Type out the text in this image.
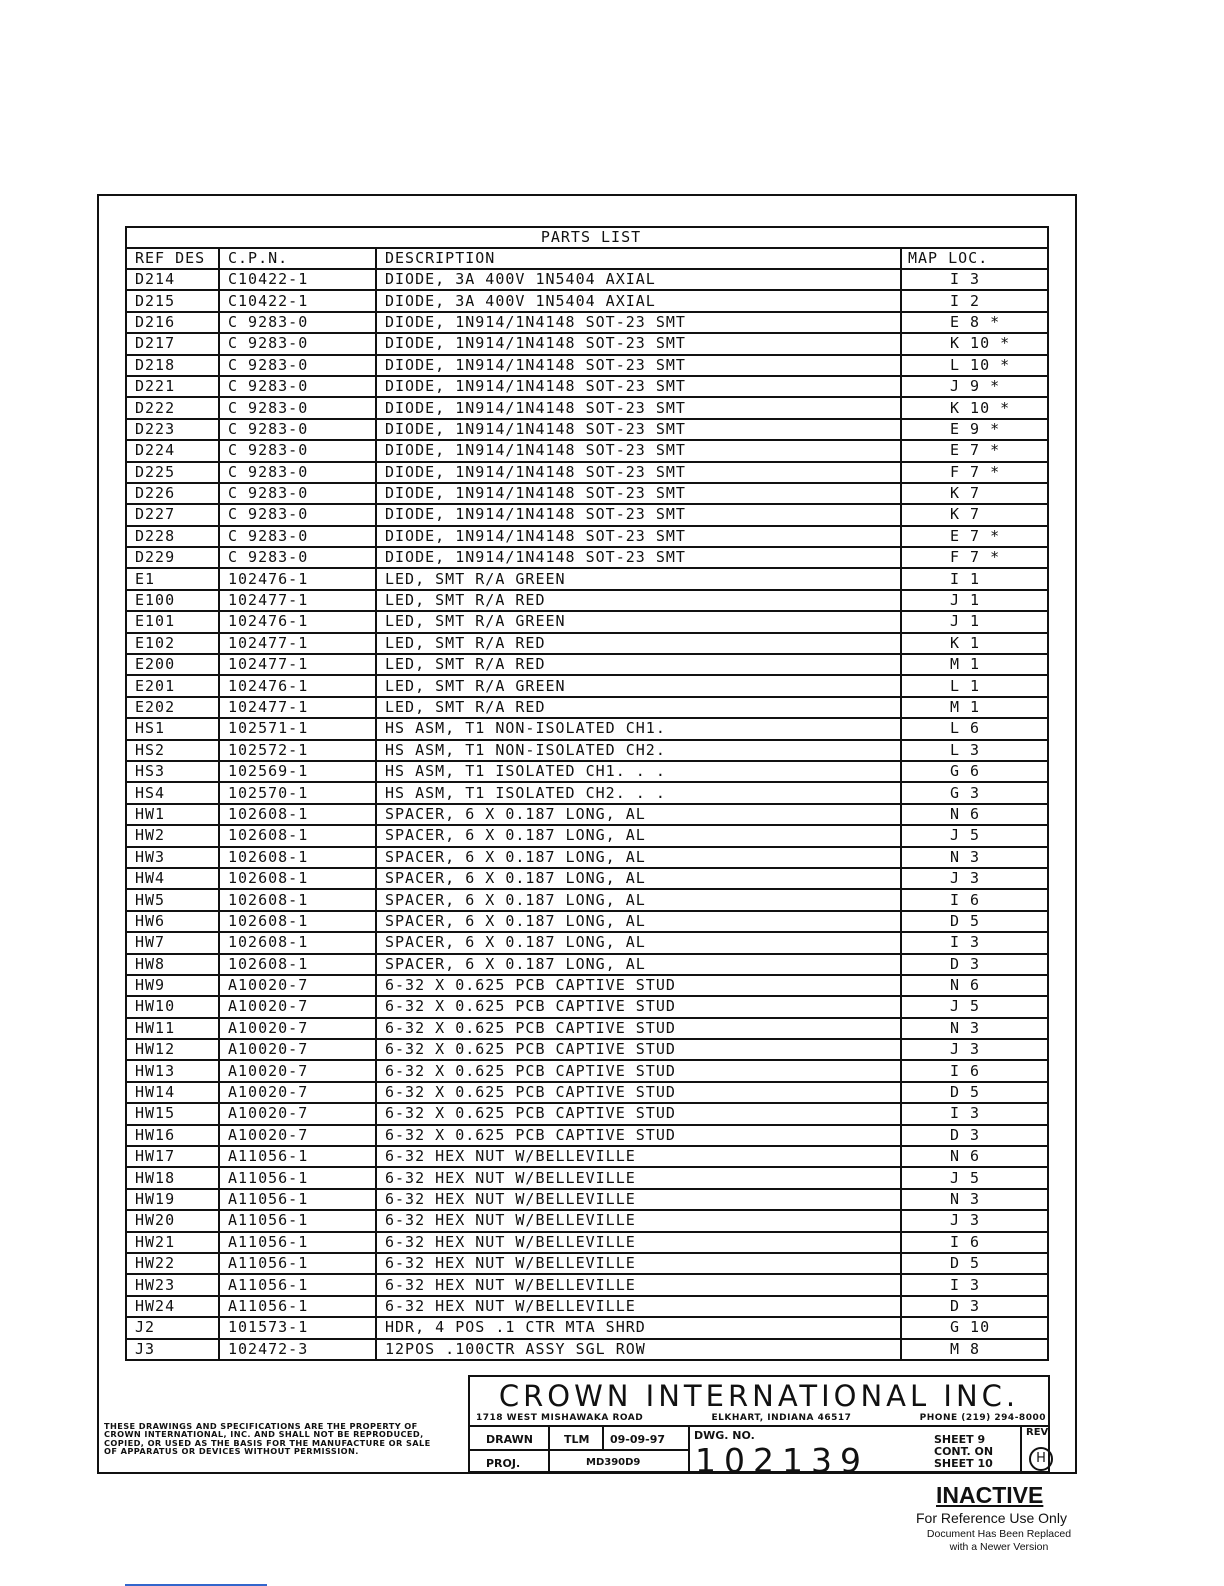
PARTS LIST			
REF DES	C.P.N.	DESCRIPTION	MAP LOC.
D214	C10422-1	DIODE, 3A 400V 1N5404 AXIAL	I 3
D215	C10422-1	DIODE, 3A 400V 1N5404 AXIAL	I 2
D216	C 9283-0	DIODE, 1N914/1N4148 SOT-23 SMT	E 8 *
D217	C 9283-0	DIODE, 1N914/1N4148 SOT-23 SMT	K 10 *
D218	C 9283-0	DIODE, 1N914/1N4148 SOT-23 SMT	L 10 *
D221	C 9283-0	DIODE, 1N914/1N4148 SOT-23 SMT	J 9 *
D222	C 9283-0	DIODE, 1N914/1N4148 SOT-23 SMT	K 10 *
D223	C 9283-0	DIODE, 1N914/1N4148 SOT-23 SMT	E 9 *
D224	C 9283-0	DIODE, 1N914/1N4148 SOT-23 SMT	E 7 *
D225	C 9283-0	DIODE, 1N914/1N4148 SOT-23 SMT	F 7 *
D226	C 9283-0	DIODE, 1N914/1N4148 SOT-23 SMT	K 7
D227	C 9283-0	DIODE, 1N914/1N4148 SOT-23 SMT	K 7
D228	C 9283-0	DIODE, 1N914/1N4148 SOT-23 SMT	E 7 *
D229	C 9283-0	DIODE, 1N914/1N4148 SOT-23 SMT	F 7 *
E1	102476-1	LED, SMT R/A GREEN	I 1
E100	102477-1	LED, SMT R/A RED	J 1
E101	102476-1	LED, SMT R/A GREEN	J 1
E102	102477-1	LED, SMT R/A RED	K 1
E200	102477-1	LED, SMT R/A RED	M 1
E201	102476-1	LED, SMT R/A GREEN	L 1
E202	102477-1	LED, SMT R/A RED	M 1
HS1	102571-1	HS ASM, T1 NON-ISOLATED CH1.	L 6
HS2	102572-1	HS ASM, T1 NON-ISOLATED CH2.	L 3
HS3	102569-1	HS ASM, T1 ISOLATED CH1. . .	G 6
HS4	102570-1	HS ASM, T1 ISOLATED CH2. . .	G 3
HW1	102608-1	SPACER, 6 X 0.187 LONG, AL	N 6
HW2	102608-1	SPACER, 6 X 0.187 LONG, AL	J 5
HW3	102608-1	SPACER, 6 X 0.187 LONG, AL	N 3
HW4	102608-1	SPACER, 6 X 0.187 LONG, AL	J 3
HW5	102608-1	SPACER, 6 X 0.187 LONG, AL	I 6
HW6	102608-1	SPACER, 6 X 0.187 LONG, AL	D 5
HW7	102608-1	SPACER, 6 X 0.187 LONG, AL	I 3
HW8	102608-1	SPACER, 6 X 0.187 LONG, AL	D 3
HW9	A10020-7	6-32 X 0.625 PCB CAPTIVE STUD	N 6
HW10	A10020-7	6-32 X 0.625 PCB CAPTIVE STUD	J 5
HW11	A10020-7	6-32 X 0.625 PCB CAPTIVE STUD	N 3
HW12	A10020-7	6-32 X 0.625 PCB CAPTIVE STUD	J 3
HW13	A10020-7	6-32 X 0.625 PCB CAPTIVE STUD	I 6
HW14	A10020-7	6-32 X 0.625 PCB CAPTIVE STUD	D 5
HW15	A10020-7	6-32 X 0.625 PCB CAPTIVE STUD	I 3
HW16	A10020-7	6-32 X 0.625 PCB CAPTIVE STUD	D 3
HW17	A11056-1	6-32 HEX NUT W/BELLEVILLE	N 6
HW18	A11056-1	6-32 HEX NUT W/BELLEVILLE	J 5
HW19	A11056-1	6-32 HEX NUT W/BELLEVILLE	N 3
HW20	A11056-1	6-32 HEX NUT W/BELLEVILLE	J 3
HW21	A11056-1	6-32 HEX NUT W/BELLEVILLE	I 6
HW22	A11056-1	6-32 HEX NUT W/BELLEVILLE	D 5
HW23	A11056-1	6-32 HEX NUT W/BELLEVILLE	I 3
HW24	A11056-1	6-32 HEX NUT W/BELLEVILLE	D 3
J2	101573-1	HDR, 4 POS .1 CTR MTA SHRD	G 10
J3	102472-3	12POS .100CTR ASSY SGL ROW	M 8
THESE DRAWINGS AND SPECIFICATIONS ARE THE PROPERTY OF CROWN INTERNATIONAL, INC. AND SHALL NOT BE REPRODUCED, COPIED, OR USED AS THE BASIS FOR THE MANUFACTURE OR SALE OF APPARATUS OR DEVICES WITHOUT PERMISSION.
CROWN INTERNATIONAL INC.
1718 WEST MISHAWAKA ROAD	ELKHART, INDIANA 46517	PHONE (219) 294-8000
DRAWN	TLM 09-09-97	DWG. NO.
PROJ.	MD390D9 102139
SHEET 9
CONT. ON
SHEET 10
REV
H
INACTIVE
For Reference Use Only
Document Has Been Replaced
with a Newer Version
